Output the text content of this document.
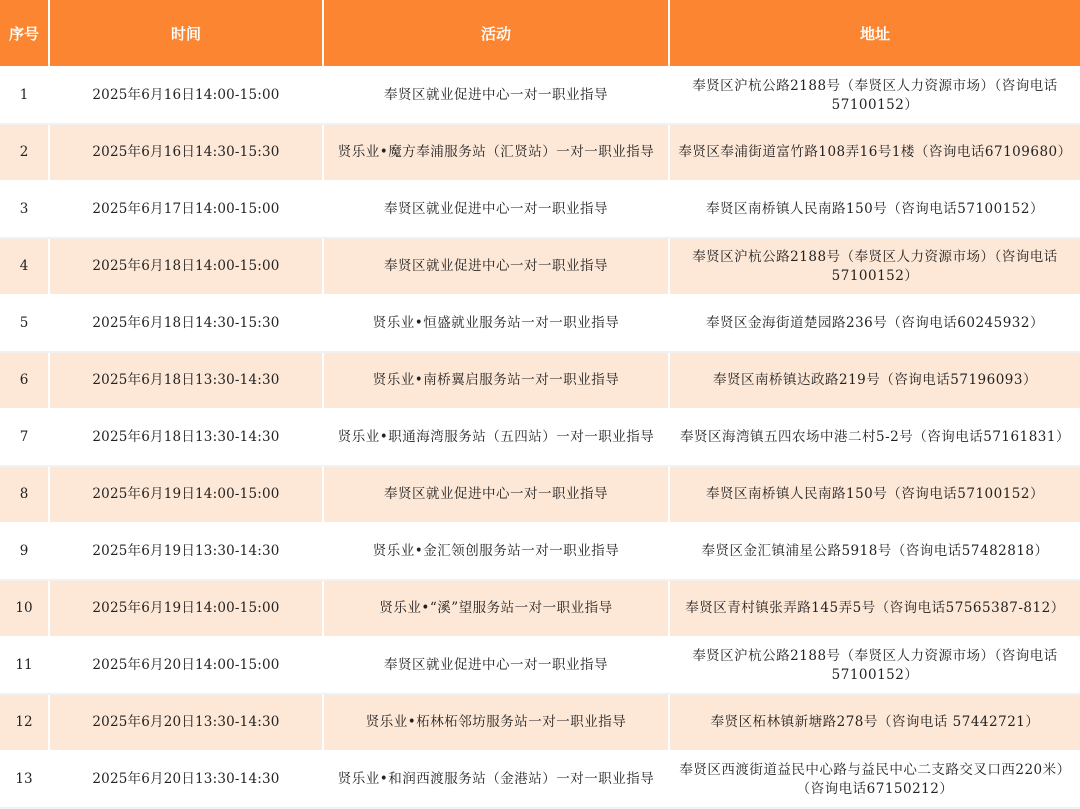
序号	时间	活动	地址
1	2025年6月16日14:00-15:00	奉贤区就业促进中心一对一职业指导	奉贤区沪杭公路2188号（奉贤区人力资源市场）（咨询电话57100152）
2	2025年6月16日14:30-15:30	贤乐业•魔方奉浦服务站（汇贤站）一对一职业指导	奉贤区奉浦街道富竹路108弄16号1楼（咨询电话67109680）
3	2025年6月17日14:00-15:00	奉贤区就业促进中心一对一职业指导	奉贤区南桥镇人民南路150号（咨询电话57100152）
4	2025年6月18日14:00-15:00	奉贤区就业促进中心一对一职业指导	奉贤区沪杭公路2188号（奉贤区人力资源市场）（咨询电话57100152）
5	2025年6月18日14:30-15:30	贤乐业•恒盛就业服务站一对一职业指导	奉贤区金海街道楚园路236号（咨询电话60245932）
6	2025年6月18日13:30-14:30	贤乐业•南桥翼启服务站一对一职业指导	奉贤区南桥镇达政路219号（咨询电话57196093）
7	2025年6月18日13:30-14:30	贤乐业•职通海湾服务站（五四站）一对一职业指导	奉贤区海湾镇五四农场中港二村5-2号（咨询电话57161831）
8	2025年6月19日14:00-15:00	奉贤区就业促进中心一对一职业指导	奉贤区南桥镇人民南路150号（咨询电话57100152）
9	2025年6月19日13:30-14:30	贤乐业•金汇领创服务站一对一职业指导	奉贤区金汇镇浦星公路5918号（咨询电话57482818）
10	2025年6月19日14:00-15:00	贤乐业•“溪”望服务站一对一职业指导	奉贤区青村镇张弄路145弄5号（咨询电话57565387-812）
11	2025年6月20日14:00-15:00	奉贤区就业促进中心一对一职业指导	奉贤区沪杭公路2188号（奉贤区人力资源市场）（咨询电话57100152）
12	2025年6月20日13:30-14:30	贤乐业•柘林柘邻坊服务站一对一职业指导	奉贤区柘林镇新塘路278号（咨询电话 57442721）
13	2025年6月20日13:30-14:30	贤乐业•和润西渡服务站（金港站）一对一职业指导	奉贤区西渡街道益民中心路与益民中心二支路交叉口西220米）（咨询电话67150212）
